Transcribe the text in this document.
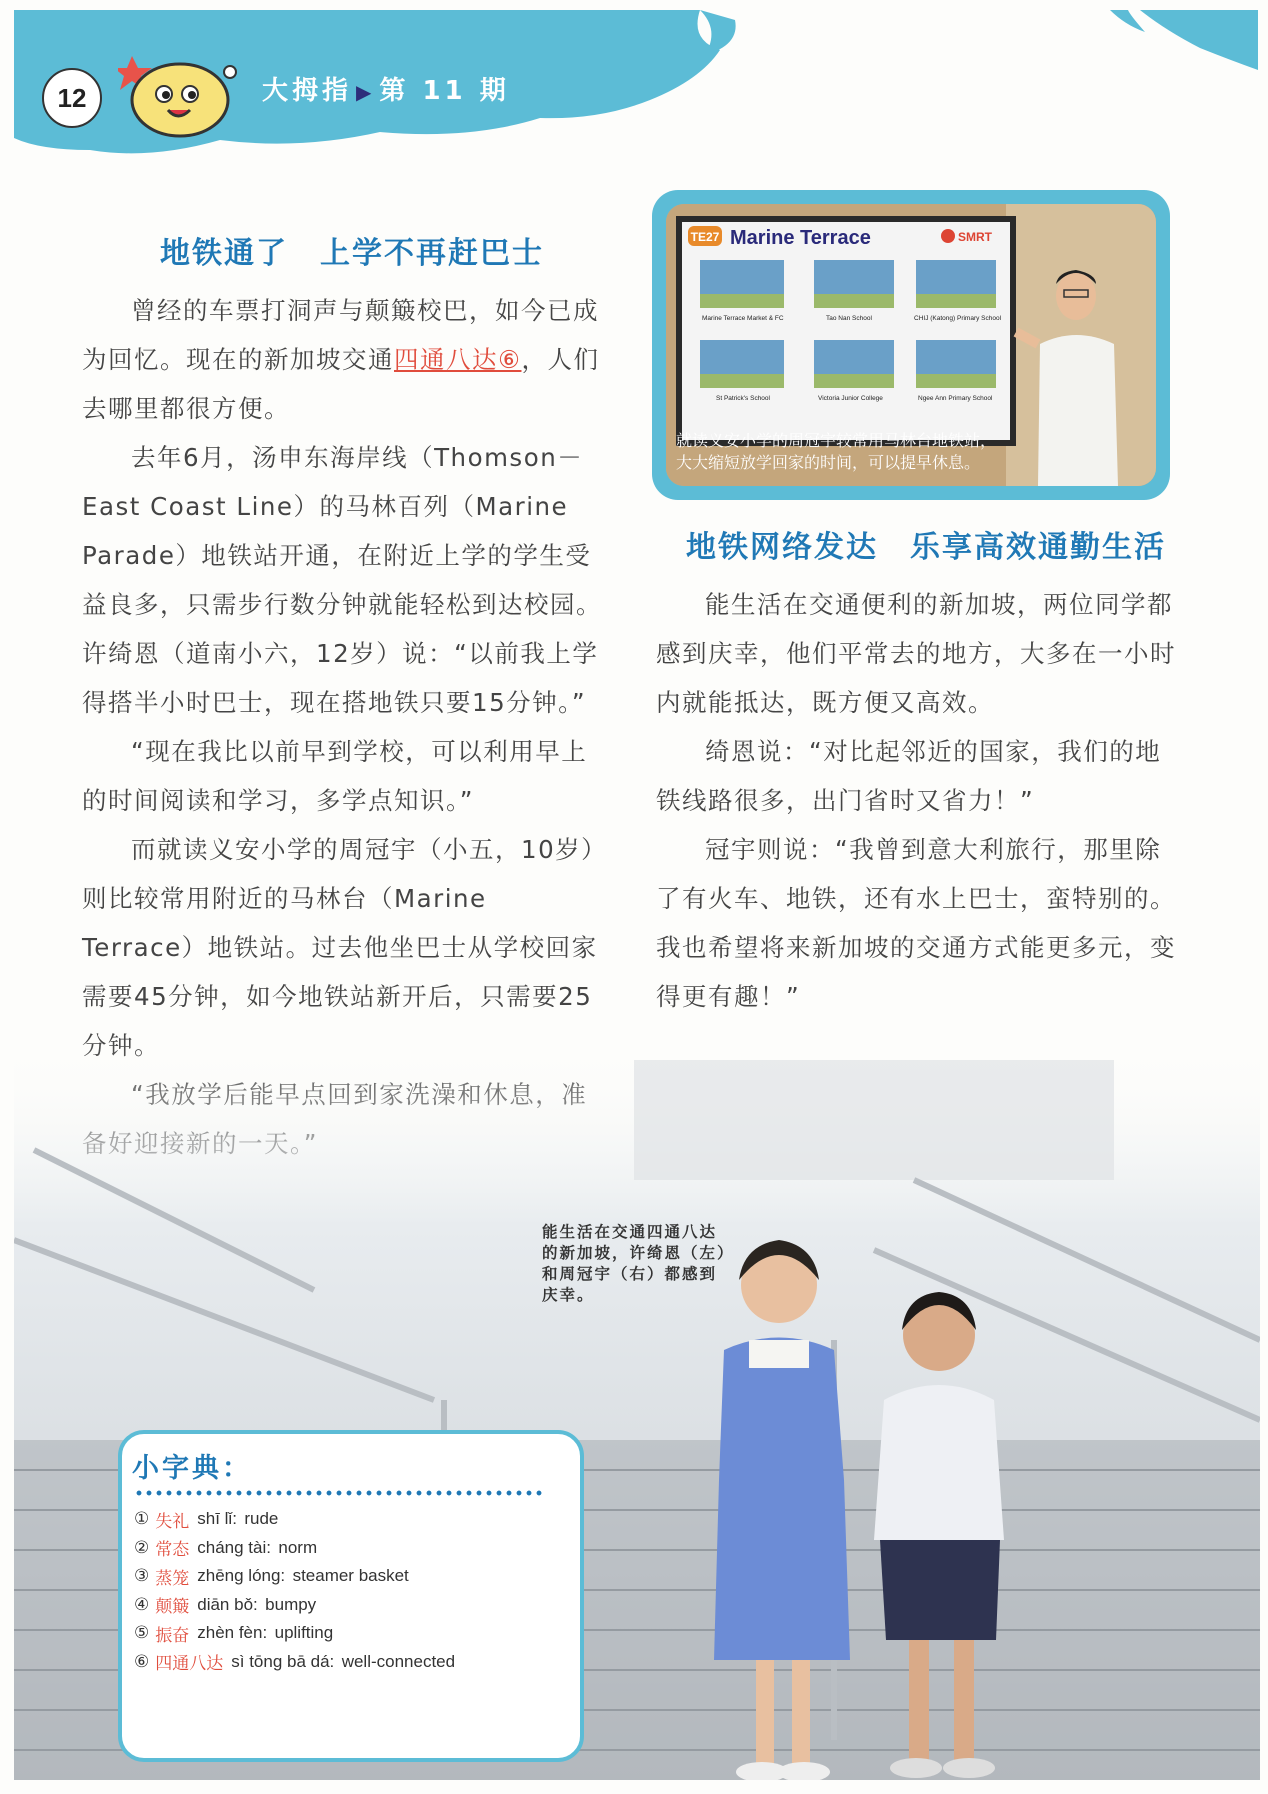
12	大拇指 ▶ 第 11 期
地铁通了　上学不再赶巴士

曾经的车票打洞声与颠簸校巴，如今已成为回忆。现在的新加坡交通四通八达⑥，人们去哪里都很方便。

去年6月，汤申东海岸线（Thomson－East Coast Line）的马林百列（Marine Parade）地铁站开通，在附近上学的学生受益良多，只需步行数分钟就能轻松到达校园。许绮恩（道南小六，12岁）说：“以前我上学得搭半小时巴士，现在搭地铁只要15分钟。”

“现在我比以前早到学校，可以利用早上的时间阅读和学习，多学点知识。”

而就读义安小学的周冠宇（小五，10岁）则比较常用附近的马林台（Marine Terrace）地铁站。过去他坐巴士从学校回家需要45分钟，如今地铁站新开后，只需要25

TE27 Marine Terrace	SMRT
Marine Terrace Market & FC	Tao Nan School	CHIJ (Katong) Primary School
St Patrick's School	Victoria Junior College	Ngee Ann Primary School
就读义安小学的周冠宇较常用马林台地铁站，大大缩短放学回家的时间，可以提早休息。
地铁网络发达　乐享高效通勤生活

能生活在交通便利的新加坡，两位同学都感到庆幸，他们平常去的地方，大多在一小时内就能抵达，既方便又高效。

绮恩说：“对比起邻近的国家，我们的地铁线路很多，出门省时又省力！”

冠宇则说：“我曾到意大利旅行，那里除了有火车、地铁，还有水上巴士，蛮特别的。我也希望将来新加坡的交通方式能更多元，变得更有趣！”

能生活在交通四通八达的新加坡，许绮恩（左）和周冠宇（右）都感到庆幸。
小字典：
① 失礼 shī lǐ:
rude
② 常态 cháng tài:
norm
③ 蒸笼 zhēng lóng:
steamer basket
④ 颠簸 diān bǒ:
bumpy
⑤ 振奋 zhèn fèn:
uplifting
⑥ 四通八达 sì tōng bā dá:
well-connected
